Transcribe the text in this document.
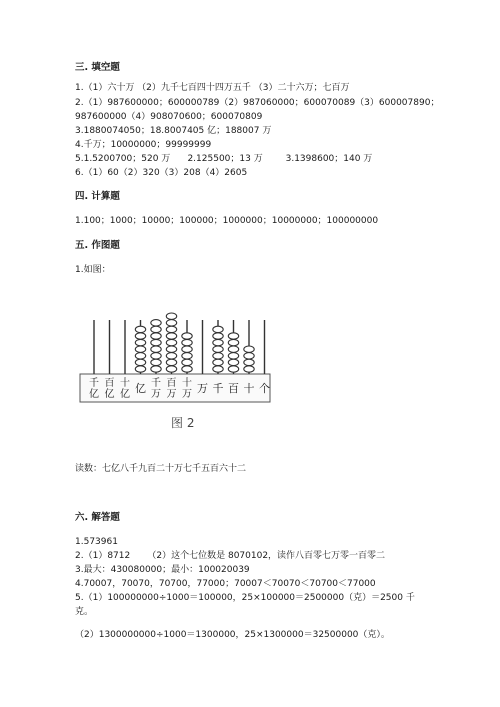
三. 填空题
1.（1）六十万 （2）九千七百四十四万五千 （3）二十六万；七百万
2.（1）987600000；600000789（2）987060000；600070089（3）600007890；
987600000（4）908070600；600070809
3.1880074050；18.8007405 亿；188007 万
4.千万；10000000；99999999
5.1.5200700；520 万      2.125500；13 万        3.1398600；140 万
6.（1）60（2）320（3）208（4）2605
四. 计算题
1.100；1000；10000；100000；1000000；10000000；100000000
五. 作图题
1.如图：
千
亿
百
亿
十
亿 亿 千
万
百
万
十
万 万 千 百 十 个
图 2
读数：七亿八千九百二十万七千五百六十二
六. 解答题
1.573961
2.（1）8712      （2）这个七位数是 8070102，读作八百零七万零一百零二
3.最大：430080000；最小：100020039
4.70007，70070，70700，77000；70007＜70070＜70700＜77000
5.（1）100000000÷1000＝100000，25×100000＝2500000（克）＝2500 千
克。
（2）1300000000÷1000＝1300000，25×1300000＝32500000（克）。
